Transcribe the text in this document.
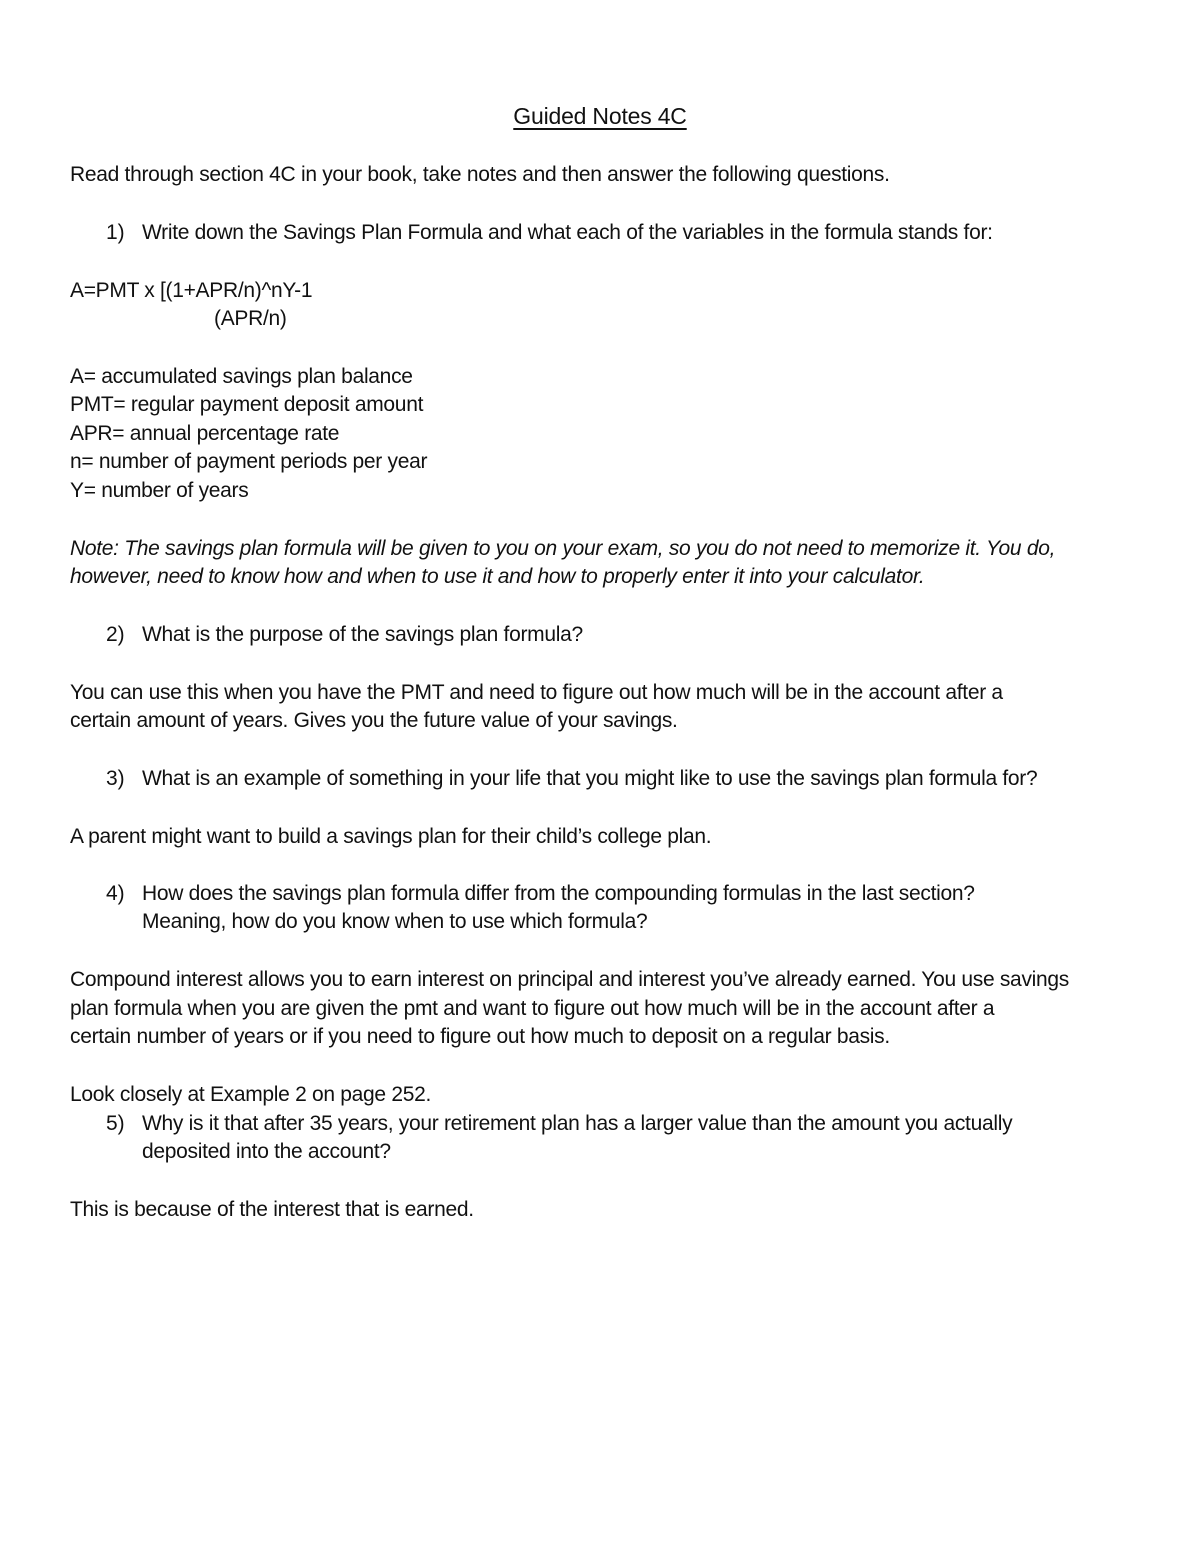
Guided Notes 4C
Read through section 4C in your book, take notes and then answer the following questions.
1) Write down the Savings Plan Formula and what each of the variables in the formula stands for:
A=PMT x [(1+APR/n)^nY-1
(APR/n)
A= accumulated savings plan balance
PMT= regular payment deposit amount
APR= annual percentage rate
n= number of payment periods per year
Y= number of years
Note: The savings plan formula will be given to you on your exam, so you do not need to memorize it. You do,
however, need to know how and when to use it and how to properly enter it into your calculator.
2) What is the purpose of the savings plan formula?
You can use this when you have the PMT and need to figure out how much will be in the account after a
certain amount of years. Gives you the future value of your savings.
3) What is an example of something in your life that you might like to use the savings plan formula for?
A parent might want to build a savings plan for their child’s college plan.
4) How does the savings plan formula differ from the compounding formulas in the last section?
Meaning, how do you know when to use which formula?
Compound interest allows you to earn interest on principal and interest you’ve already earned. You use savings
plan formula when you are given the pmt and want to figure out how much will be in the account after a
certain number of years or if you need to figure out how much to deposit on a regular basis.
Look closely at Example 2 on page 252.
5) Why is it that after 35 years, your retirement plan has a larger value than the amount you actually
deposited into the account?
This is because of the interest that is earned.
